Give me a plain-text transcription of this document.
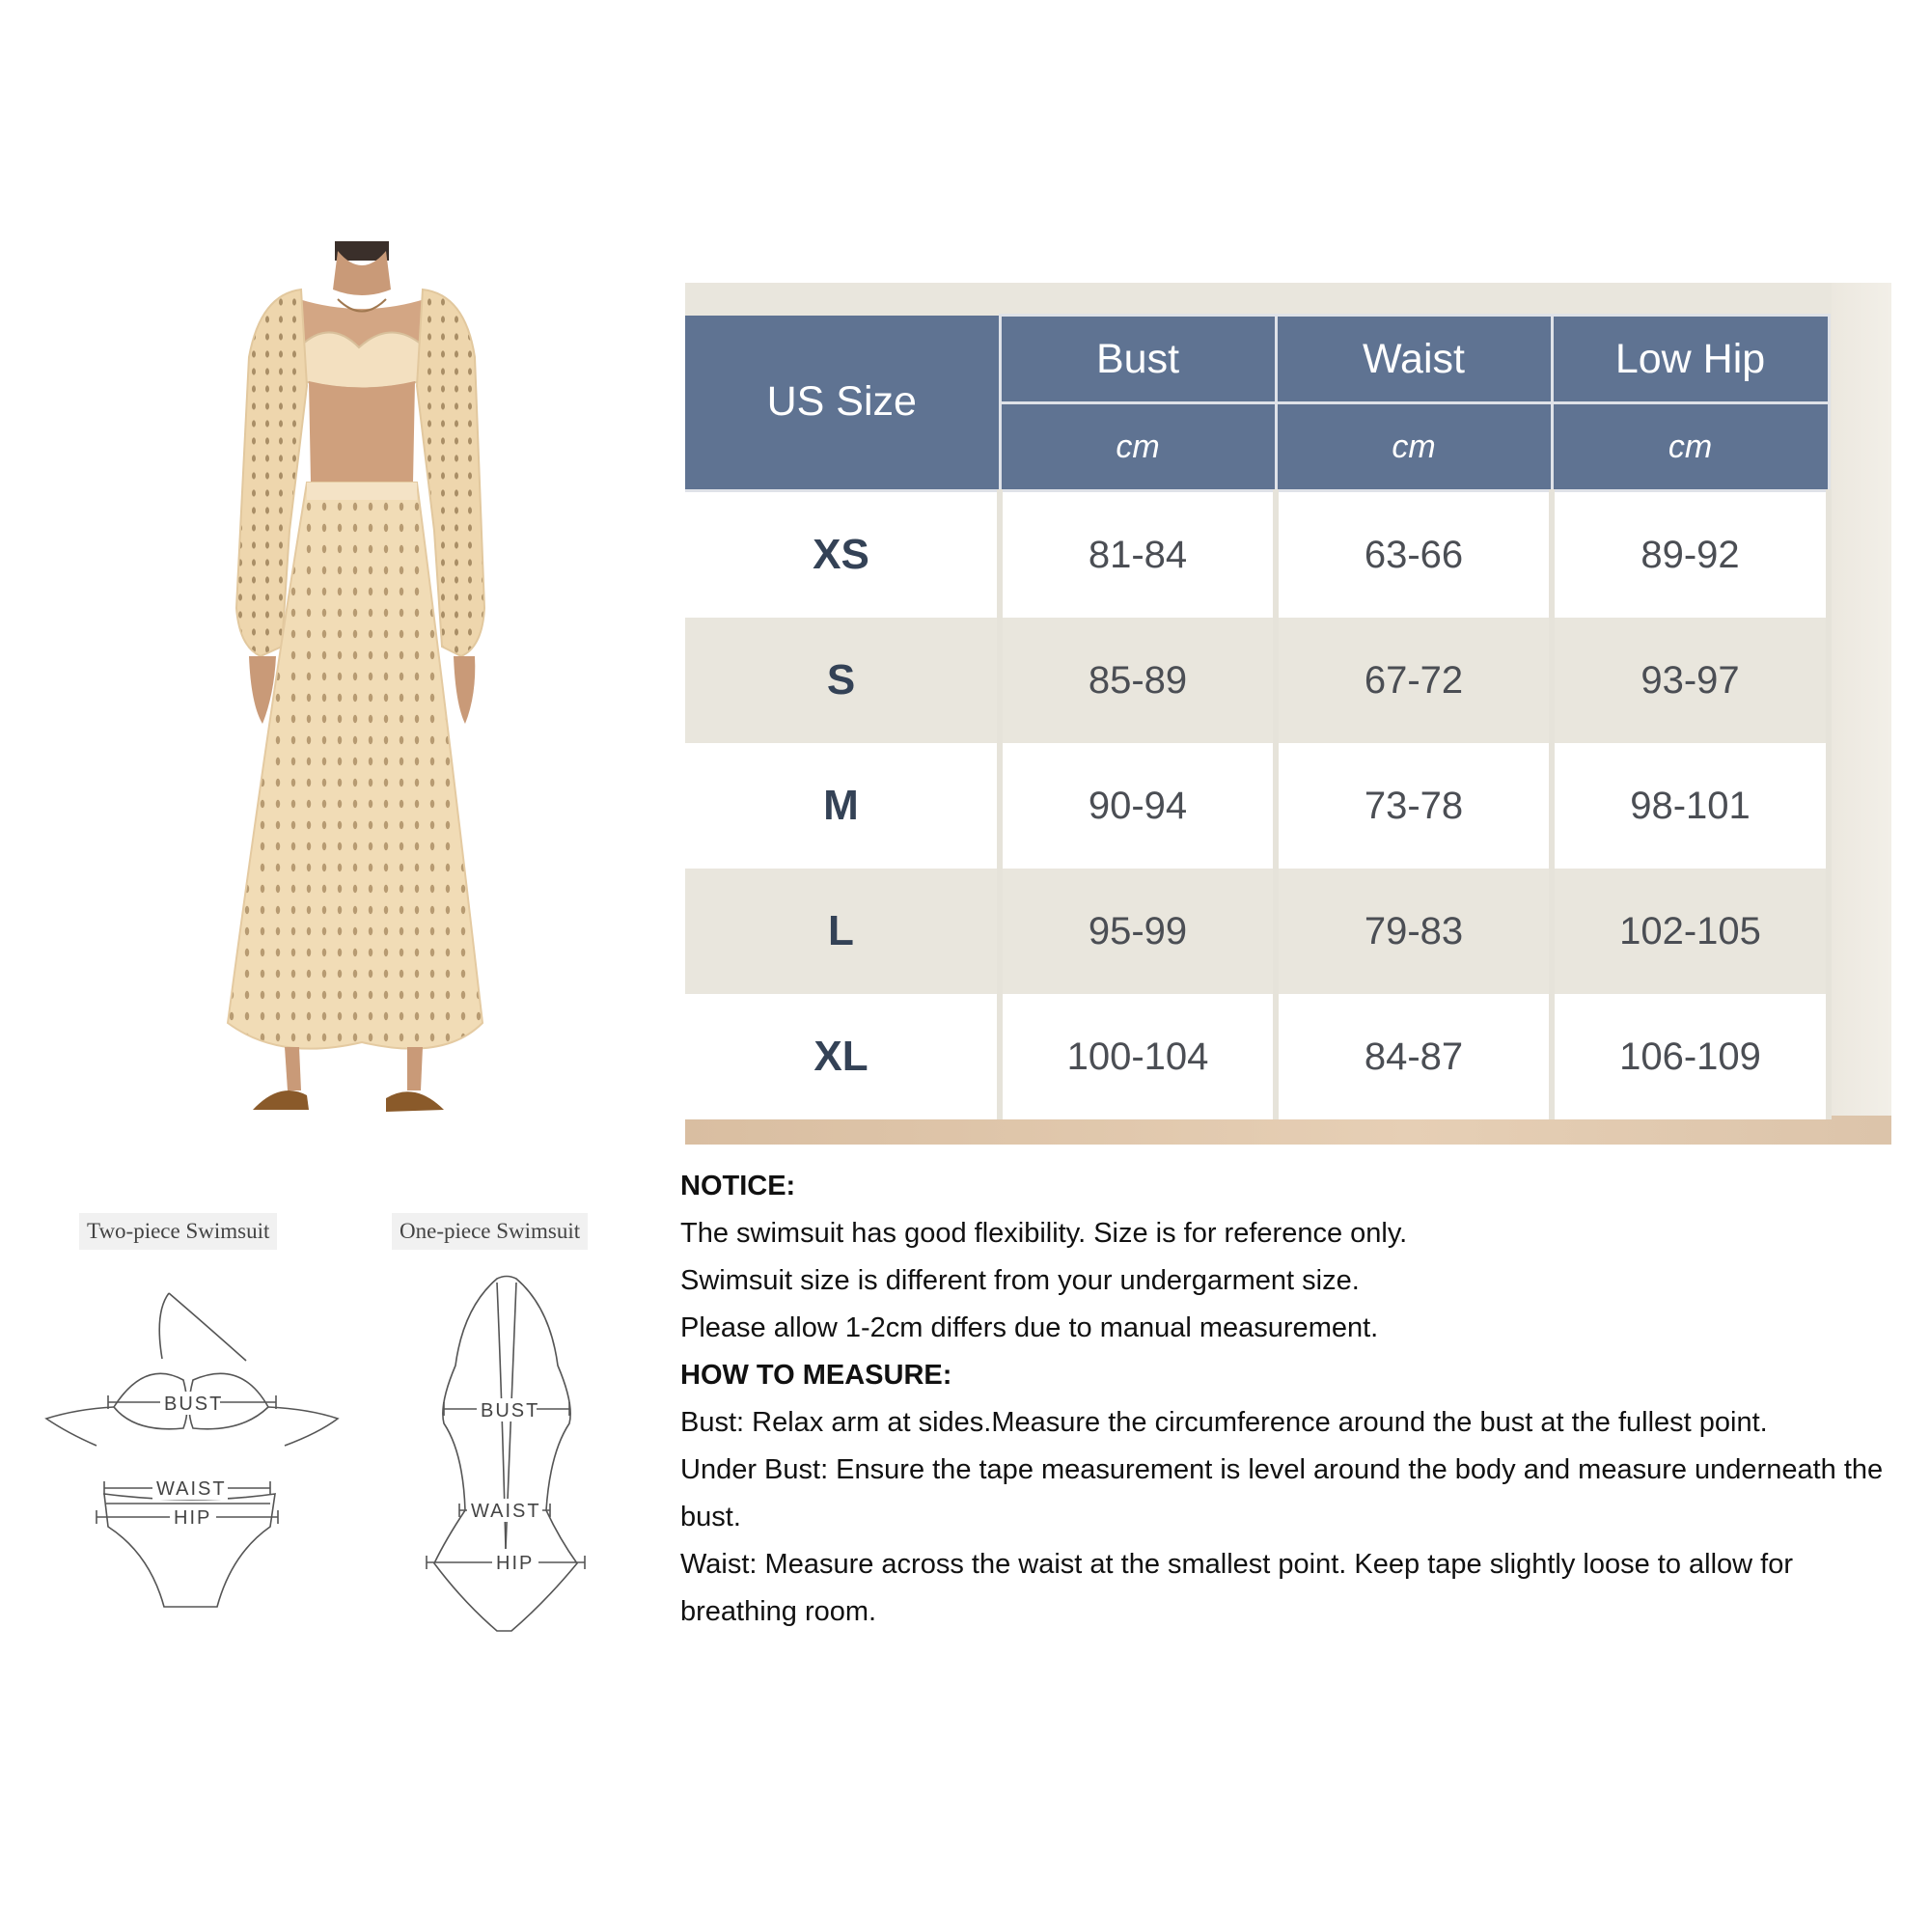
US Size	Bust	Waist	Low Hip
	cm	cm	cm
XS	81-84	63-66	89-92
S	85-89	67-72	93-97
M	90-94	73-78	98-101
L	95-99	79-83	102-105
XL	100-104	84-87	106-109

NOTICE:

The swimsuit has good flexibility. Size is for reference only.

Swimsuit size is different from your undergarment size.

Please allow 1-2cm differs due to manual measurement.

HOW TO MEASURE:

Bust: Relax arm at sides.Measure the circumference around the bust at the fullest point.

Under Bust: Ensure the tape measurement is level around the body and measure underneath the bust.

Waist: Measure across the waist at the smallest point. Keep tape slightly loose to allow for breathing room.

Two-piece Swimsuit	One-piece Swimsuit
BUST
WAIST
HIP
BUST
WAIST
HIP
